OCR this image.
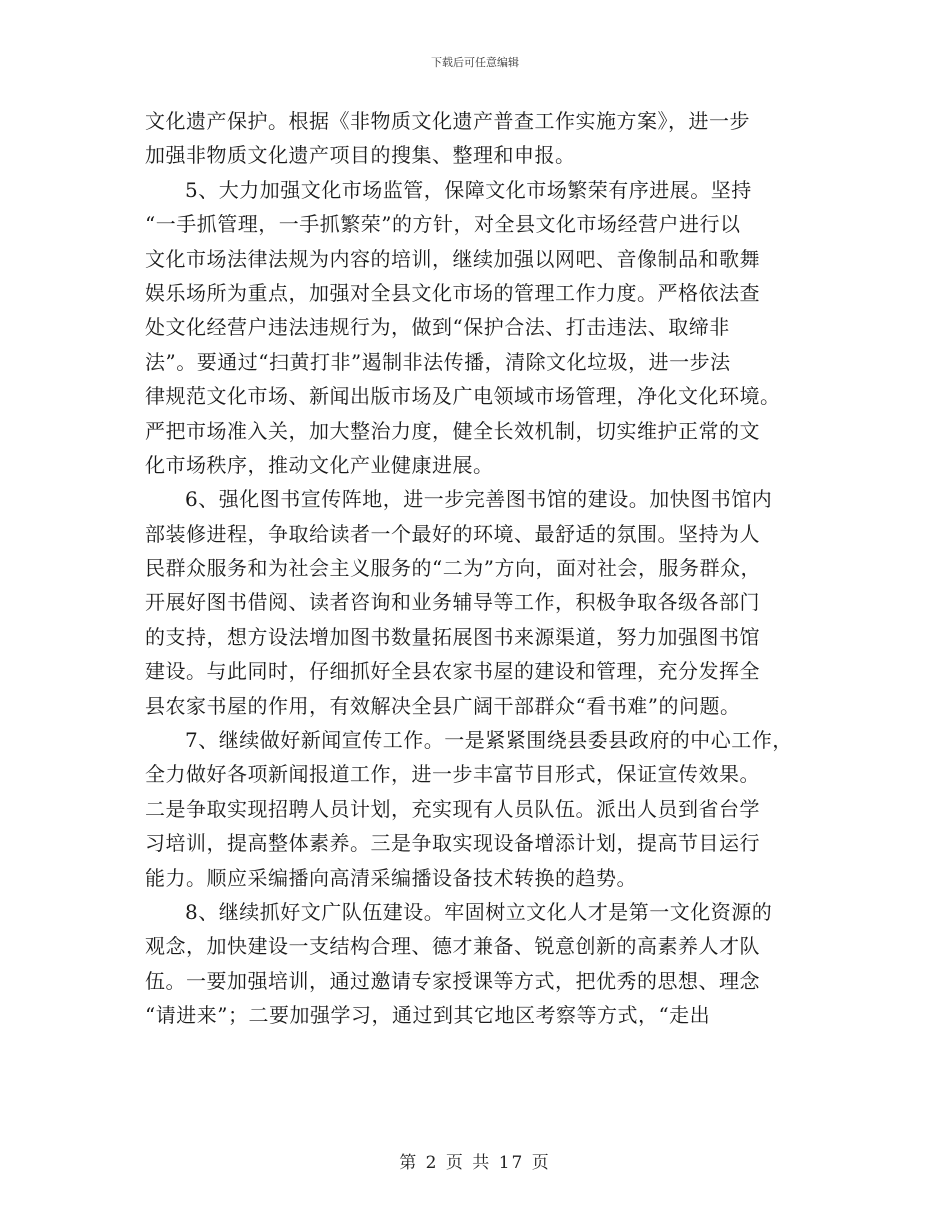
下载后可任意编辑
文化遗产保护。根据《非物质文化遗产普查工作实施方案》，进一步
加强非物质文化遗产项目的搜集、整理和申报。
5、大力加强文化市场监管，保障文化市场繁荣有序进展。坚持
“一手抓管理，一手抓繁荣”的方针，对全县文化市场经营户进行以
文化市场法律法规为内容的培训，继续加强以网吧、音像制品和歌舞
娱乐场所为重点，加强对全县文化市场的管理工作力度。严格依法查
处文化经营户违法违规行为，做到“保护合法、打击违法、取缔非
法”。要通过“扫黄打非”遏制非法传播，清除文化垃圾，进一步法
律规范文化市场、新闻出版市场及广电领域市场管理，净化文化环境。
严把市场准入关，加大整治力度，健全长效机制，切实维护正常的文
化市场秩序，推动文化产业健康进展。
6、强化图书宣传阵地，进一步完善图书馆的建设。加快图书馆内
部装修进程，争取给读者一个最好的环境、最舒适的氛围。坚持为人
民群众服务和为社会主义服务的“二为”方向，面对社会，服务群众，
开展好图书借阅、读者咨询和业务辅导等工作，积极争取各级各部门
的支持，想方设法增加图书数量拓展图书来源渠道，努力加强图书馆
建设。与此同时，仔细抓好全县农家书屋的建设和管理，充分发挥全
县农家书屋的作用，有效解决全县广阔干部群众“看书难”的问题。
7、继续做好新闻宣传工作。一是紧紧围绕县委县政府的中心工作，
全力做好各项新闻报道工作，进一步丰富节目形式，保证宣传效果。
二是争取实现招聘人员计划，充实现有人员队伍。派出人员到省台学
习培训，提高整体素养。三是争取实现设备增添计划，提高节目运行
能力。顺应采编播向高清采编播设备技术转换的趋势。
8、继续抓好文广队伍建设。牢固树立文化人才是第一文化资源的
观念，加快建设一支结构合理、德才兼备、锐意创新的高素养人才队
伍。一要加强培训，通过邀请专家授课等方式，把优秀的思想、理念
“请进来”；二要加强学习，通过到其它地区考察等方式，“走出
第 2 页 共 17 页
